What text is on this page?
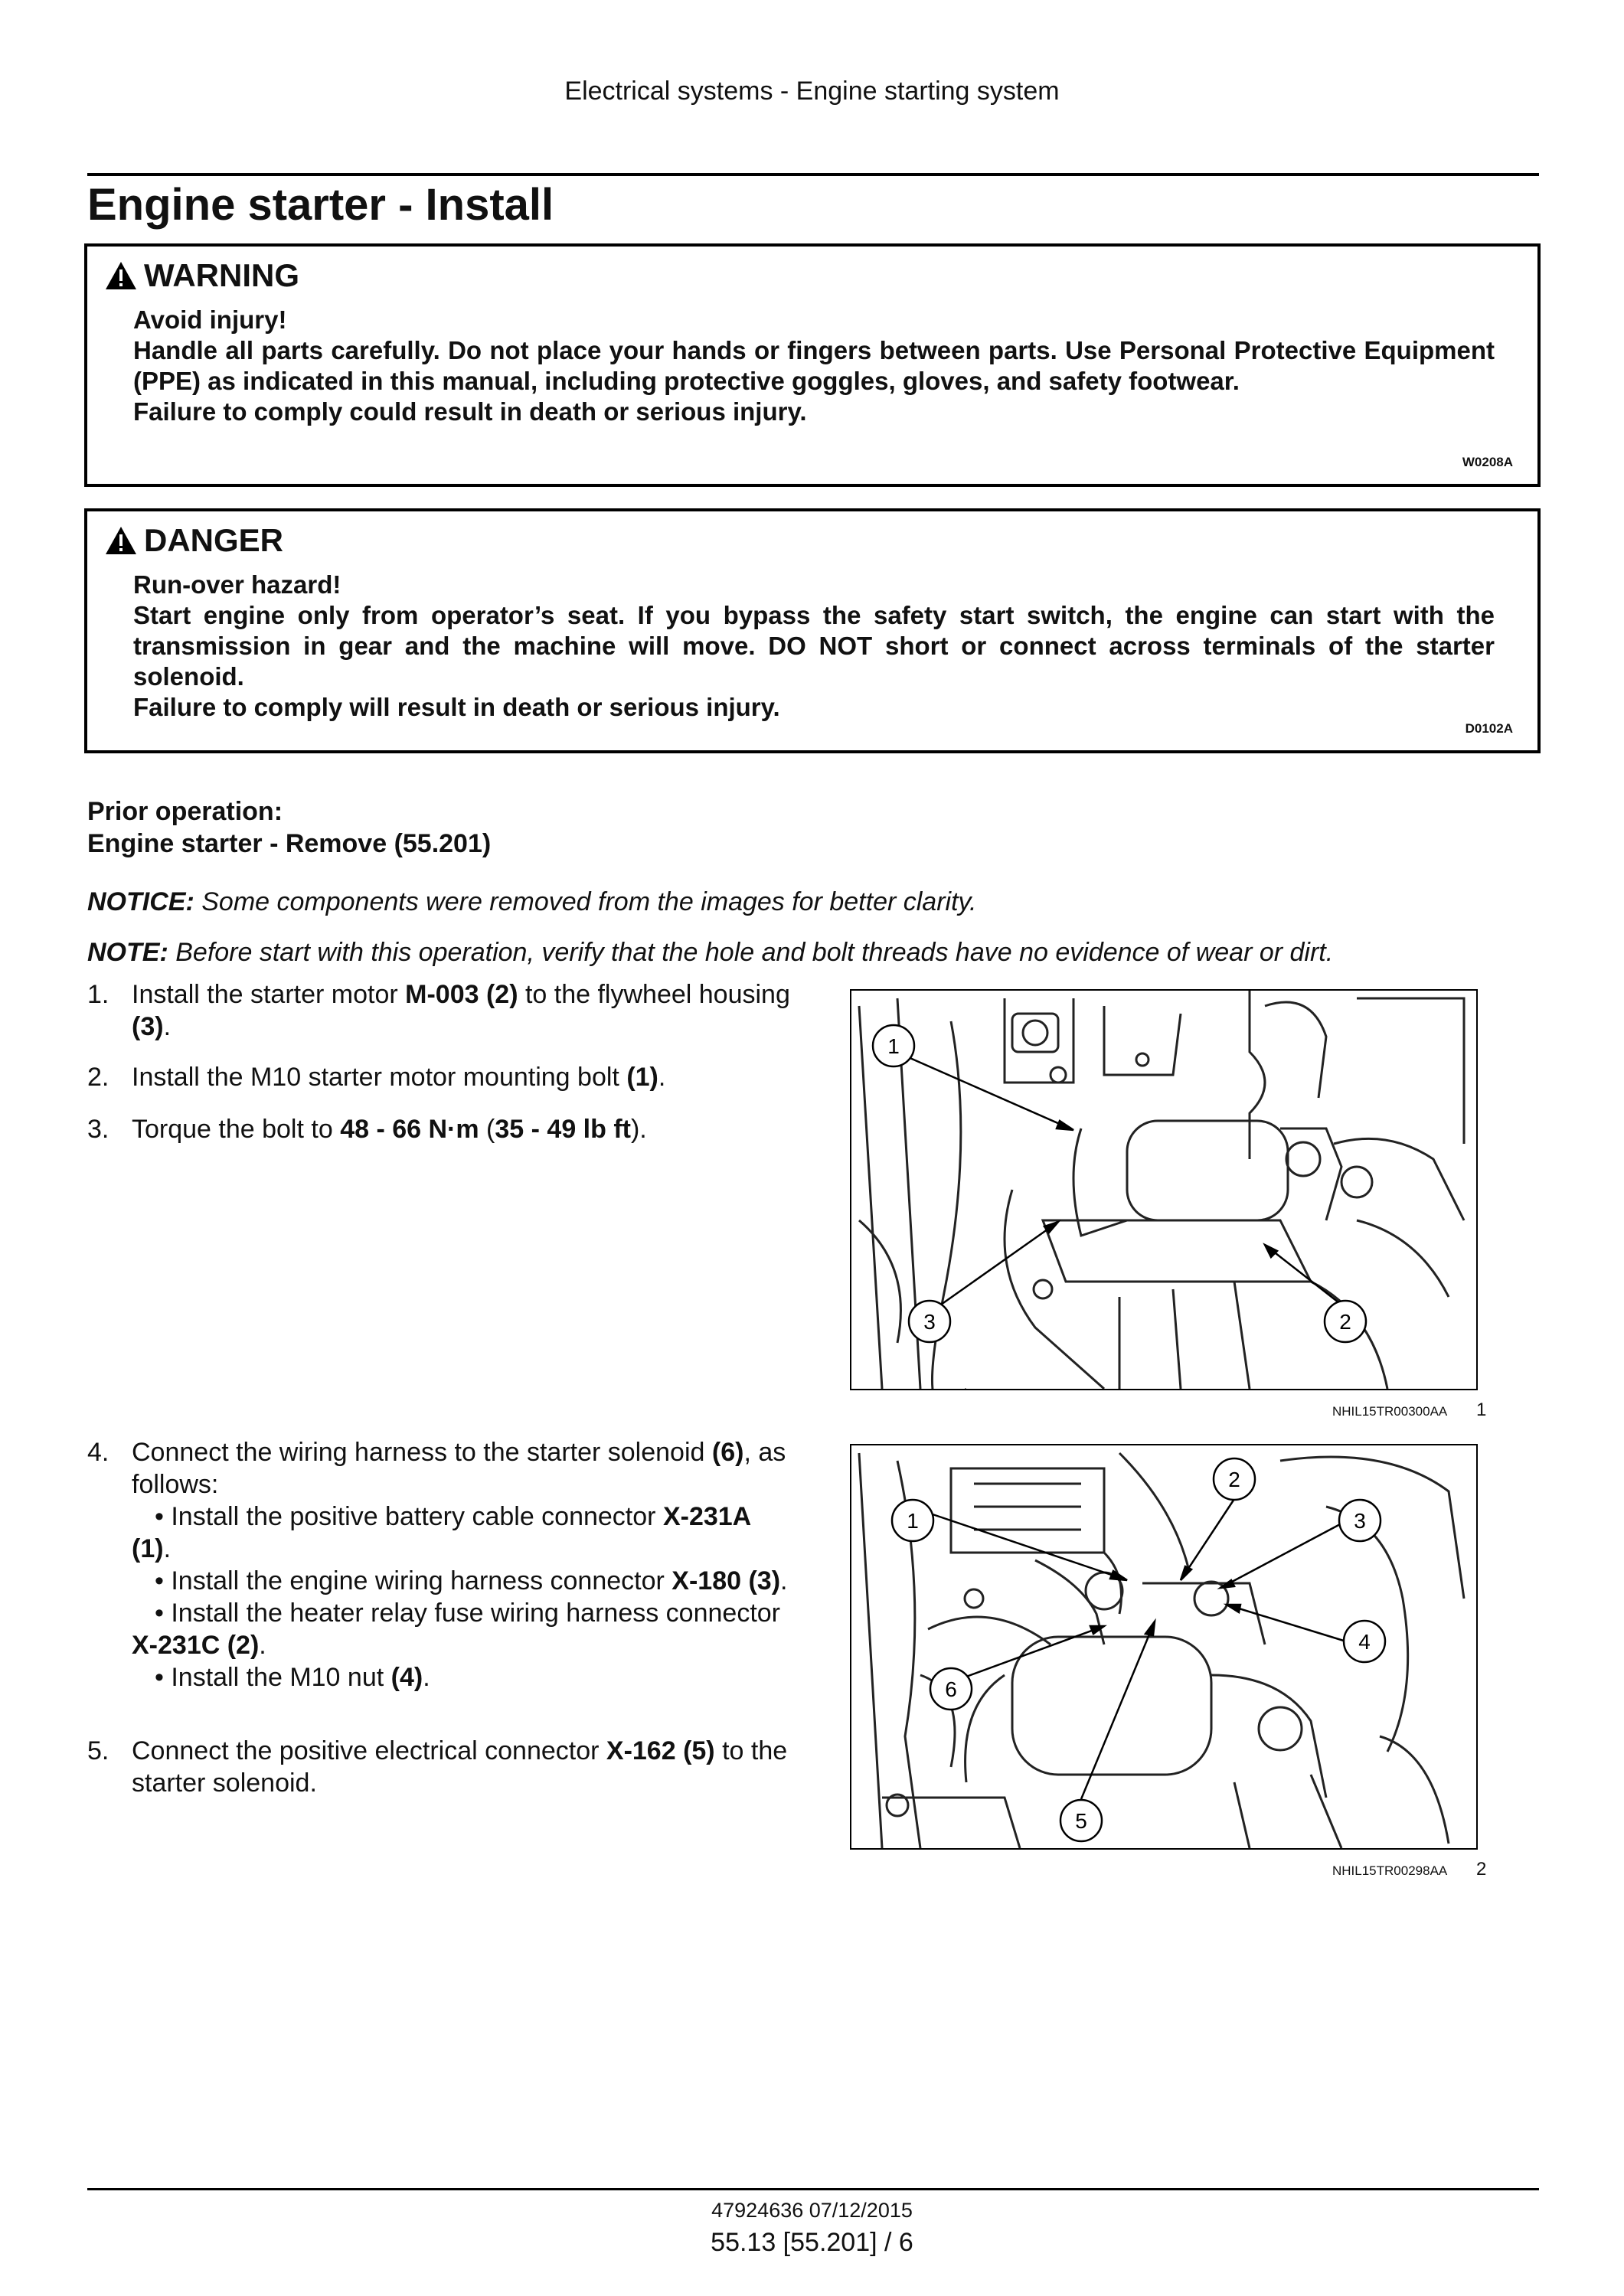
Electrical systems - Engine starting system
Engine starter - Install
WARNING
Avoid injury!
Handle all parts carefully. Do not place your hands or fingers between parts. Use Personal Protective Equipment (PPE) as indicated in this manual, including protective goggles, gloves, and safety footwear.
Failure to comply could result in death or serious injury.
W0208A
DANGER
Run-over hazard!
Start engine only from operator’s seat. If you bypass the safety start switch, the engine can start with the transmission in gear and the machine will move. DO NOT short or connect across terminals of the starter solenoid.
Failure to comply will result in death or serious injury.
D0102A
Prior operation:
Engine starter - Remove (55.201)
NOTICE: Some components were removed from the images for better clarity.
NOTE: Before start with this operation, verify that the hole and bolt threads have no evidence of wear or dirt.
1. Install the starter motor M-003 (2) to the flywheel housing (3).
2. Install the M10 starter motor mounting bolt (1).
3. Torque the bolt to 48 - 66 N·m (35 - 49 lb ft).
1
2
3
NHIL15TR00300AA 1
4. Connect the wiring harness to the starter solenoid (6), as follows:
• Install the positive battery cable connector X-231A (1).
• Install the engine wiring harness connector X-180 (3).
• Install the heater relay fuse wiring harness connector X-231C (2).
• Install the M10 nut (4).
5. Connect the positive electrical connector X-162 (5) to the starter solenoid.
1
2
3
4
5
6
NHIL15TR00298AA 2
47924636 07/12/2015
55.13 [55.201] / 6
